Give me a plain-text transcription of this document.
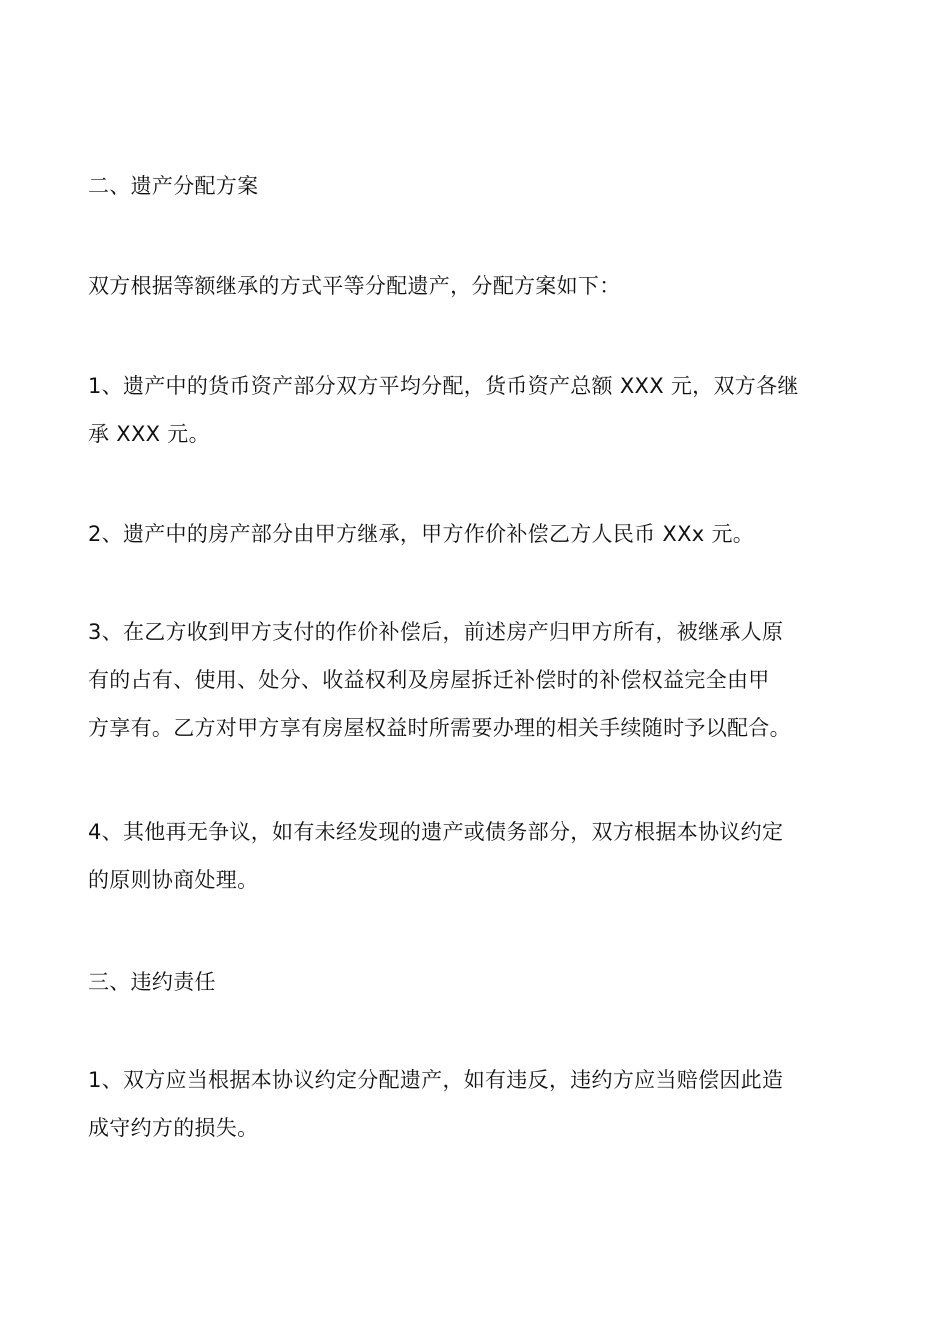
二、遗产分配方案

双方根据等额继承的方式平等分配遗产，分配方案如下：

1、遗产中的货币资产部分双方平均分配，货币资产总额 XXX 元，双方各继
承 XXX 元。

2、遗产中的房产部分由甲方继承，甲方作价补偿乙方人民币 XXx 元。

3、在乙方收到甲方支付的作价补偿后，前述房产归甲方所有，被继承人原
有的占有、使用、处分、收益权利及房屋拆迁补偿时的补偿权益完全由甲
方享有。乙方对甲方享有房屋权益时所需要办理的相关手续随时予以配合。

4、其他再无争议，如有未经发现的遗产或债务部分，双方根据本协议约定
的原则协商处理。

三、违约责任

1、双方应当根据本协议约定分配遗产，如有违反，违约方应当赔偿因此造
成守约方的损失。
